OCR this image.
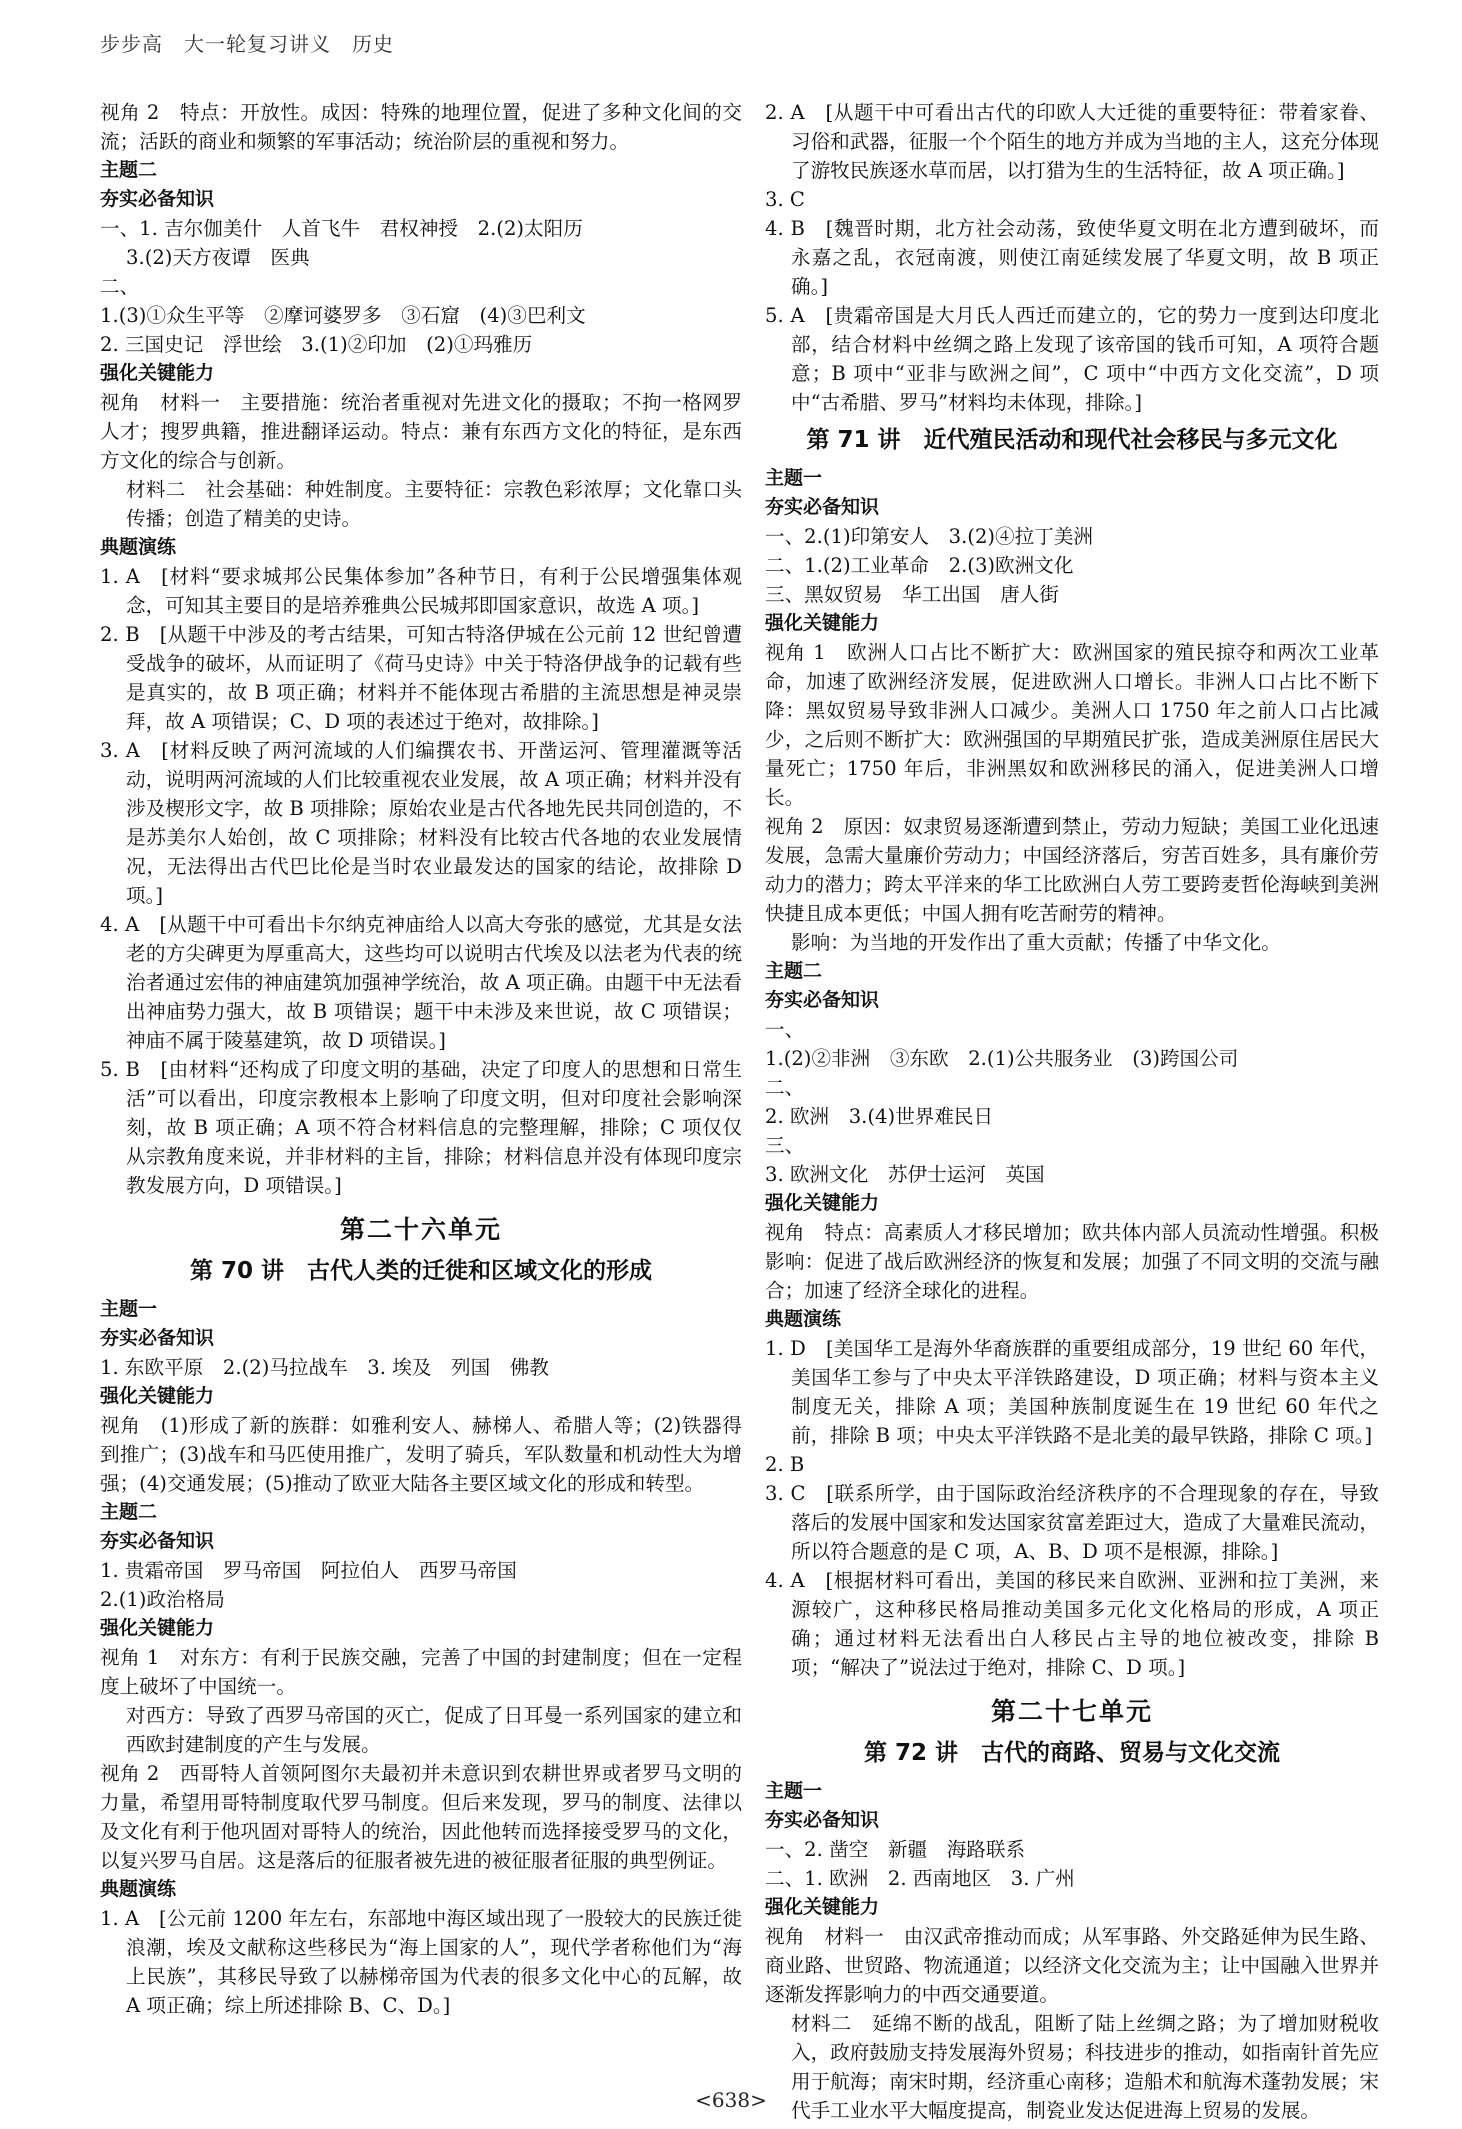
步步高　大一轮复习讲义　历史
视角 2　特点：开放性。成因：特殊的地理位置，促进了多种文化间的交流；活跃的商业和频繁的军事活动；统治阶层的重视和努力。
主题二
夯实必备知识
一、1. 吉尔伽美什　人首飞牛　君权神授　2.(2)太阳历
3.(2)天方夜谭　医典
二、
1.(3)①众生平等　②摩诃婆罗多　③石窟　(4)③巴利文
2. 三国史记　浮世绘　3.(1)②印加　(2)①玛雅历
强化关键能力
视角　材料一　主要措施：统治者重视对先进文化的摄取；不拘一格网罗人才；搜罗典籍，推进翻译运动。特点：兼有东西方文化的特征，是东西方文化的综合与创新。
材料二　社会基础：种姓制度。主要特征：宗教色彩浓厚；文化靠口头传播；创造了精美的史诗。
典题演练
1. A　[材料“要求城邦公民集体参加”各种节日，有利于公民增强集体观念，可知其主要目的是培养雅典公民城邦即国家意识，故选 A 项。]
2. B　[从题干中涉及的考古结果，可知古特洛伊城在公元前 12 世纪曾遭受战争的破坏，从而证明了《荷马史诗》中关于特洛伊战争的记载有些是真实的，故 B 项正确；材料并不能体现古希腊的主流思想是神灵崇拜，故 A 项错误；C、D 项的表述过于绝对，故排除。]
3. A　[材料反映了两河流域的人们编撰农书、开凿运河、管理灌溉等活动，说明两河流域的人们比较重视农业发展，故 A 项正确；材料并没有涉及楔形文字，故 B 项排除；原始农业是古代各地先民共同创造的，不是苏美尔人始创，故 C 项排除；材料没有比较古代各地的农业发展情况，无法得出古代巴比伦是当时农业最发达的国家的结论，故排除 D 项。]
4. A　[从题干中可看出卡尔纳克神庙给人以高大夸张的感觉，尤其是女法老的方尖碑更为厚重高大，这些均可以说明古代埃及以法老为代表的统治者通过宏伟的神庙建筑加强神学统治，故 A 项正确。由题干中无法看出神庙势力强大，故 B 项错误；题干中未涉及来世说，故 C 项错误；神庙不属于陵墓建筑，故 D 项错误。]
5. B　[由材料“还构成了印度文明的基础，决定了印度人的思想和日常生活”可以看出，印度宗教根本上影响了印度文明，但对印度社会影响深刻，故 B 项正确；A 项不符合材料信息的完整理解，排除；C 项仅仅从宗教角度来说，并非材料的主旨，排除；材料信息并没有体现印度宗教发展方向，D 项错误。]
第二十六单元
第 70 讲　古代人类的迁徙和区域文化的形成
主题一
夯实必备知识
1. 东欧平原　2.(2)马拉战车　3. 埃及　列国　佛教
强化关键能力
视角　(1)形成了新的族群：如雅利安人、赫梯人、希腊人等；(2)铁器得到推广；(3)战车和马匹使用推广，发明了骑兵，军队数量和机动性大为增强；(4)交通发展；(5)推动了欧亚大陆各主要区域文化的形成和转型。
主题二
夯实必备知识
1. 贵霜帝国　罗马帝国　阿拉伯人　西罗马帝国
2.(1)政治格局
强化关键能力
视角 1　对东方：有利于民族交融，完善了中国的封建制度；但在一定程度上破坏了中国统一。
对西方：导致了西罗马帝国的灭亡，促成了日耳曼一系列国家的建立和西欧封建制度的产生与发展。
视角 2　西哥特人首领阿图尔夫最初并未意识到农耕世界或者罗马文明的力量，希望用哥特制度取代罗马制度。但后来发现，罗马的制度、法律以及文化有利于他巩固对哥特人的统治，因此他转而选择接受罗马的文化，以复兴罗马自居。这是落后的征服者被先进的被征服者征服的典型例证。
典题演练
1. A　[公元前 1200 年左右，东部地中海区域出现了一股较大的民族迁徙浪潮，埃及文献称这些移民为“海上国家的人”，现代学者称他们为“海上民族”，其移民导致了以赫梯帝国为代表的很多文化中心的瓦解，故 A 项正确；综上所述排除 B、C、D。]
2. A　[从题干中可看出古代的印欧人大迁徙的重要特征：带着家眷、习俗和武器，征服一个个陌生的地方并成为当地的主人，这充分体现了游牧民族逐水草而居，以打猎为生的生活特征，故 A 项正确。]
3. C
4. B　[魏晋时期，北方社会动荡，致使华夏文明在北方遭到破坏，而永嘉之乱，衣冠南渡，则使江南延续发展了华夏文明，故 B 项正确。]
5. A　[贵霜帝国是大月氏人西迁而建立的，它的势力一度到达印度北部，结合材料中丝绸之路上发现了该帝国的钱币可知，A 项符合题意；B 项中“亚非与欧洲之间”，C 项中“中西方文化交流”，D 项中“古希腊、罗马”材料均未体现，排除。]
第 71 讲　近代殖民活动和现代社会移民与多元文化
主题一
夯实必备知识
一、2.(1)印第安人　3.(2)④拉丁美洲
二、1.(2)工业革命　2.(3)欧洲文化
三、黑奴贸易　华工出国　唐人街
强化关键能力
视角 1　欧洲人口占比不断扩大：欧洲国家的殖民掠夺和两次工业革命，加速了欧洲经济发展，促进欧洲人口增长。非洲人口占比不断下降：黑奴贸易导致非洲人口减少。美洲人口 1750 年之前人口占比减少，之后则不断扩大：欧洲强国的早期殖民扩张，造成美洲原住居民大量死亡；1750 年后，非洲黑奴和欧洲移民的涌入，促进美洲人口增长。
视角 2　原因：奴隶贸易逐渐遭到禁止，劳动力短缺；美国工业化迅速发展，急需大量廉价劳动力；中国经济落后，穷苦百姓多，具有廉价劳动力的潜力；跨太平洋来的华工比欧洲白人劳工要跨麦哲伦海峡到美洲快捷且成本更低；中国人拥有吃苦耐劳的精神。
影响：为当地的开发作出了重大贡献；传播了中华文化。
主题二
夯实必备知识
一、
1.(2)②非洲　③东欧　2.(1)公共服务业　(3)跨国公司
二、
2. 欧洲　3.(4)世界难民日
三、
3. 欧洲文化　苏伊士运河　英国
强化关键能力
视角　特点：高素质人才移民增加；欧共体内部人员流动性增强。积极影响：促进了战后欧洲经济的恢复和发展；加强了不同文明的交流与融合；加速了经济全球化的进程。
典题演练
1. D　[美国华工是海外华裔族群的重要组成部分，19 世纪 60 年代，美国华工参与了中央太平洋铁路建设，D 项正确；材料与资本主义制度无关，排除 A 项；美国种族制度诞生在 19 世纪 60 年代之前，排除 B 项；中央太平洋铁路不是北美的最早铁路，排除 C 项。]
2. B
3. C　[联系所学，由于国际政治经济秩序的不合理现象的存在，导致落后的发展中国家和发达国家贫富差距过大，造成了大量难民流动，所以符合题意的是 C 项，A、B、D 项不是根源，排除。]
4. A　[根据材料可看出，美国的移民来自欧洲、亚洲和拉丁美洲，来源较广，这种移民格局推动美国多元化文化格局的形成，A 项正确；通过材料无法看出白人移民占主导的地位被改变，排除 B 项；“解决了”说法过于绝对，排除 C、D 项。]
第二十七单元
第 72 讲　古代的商路、贸易与文化交流
主题一
夯实必备知识
一、2. 凿空　新疆　海路联系
二、1. 欧洲　2. 西南地区　3. 广州
强化关键能力
视角　材料一　由汉武帝推动而成；从军事路、外交路延伸为民生路、商业路、世贸路、物流通道；以经济文化交流为主；让中国融入世界并逐渐发挥影响力的中西交通要道。
材料二　延绵不断的战乱，阻断了陆上丝绸之路；为了增加财税收入，政府鼓励支持发展海外贸易；科技进步的推动，如指南针首先应用于航海；南宋时期，经济重心南移；造船术和航海术蓬勃发展；宋代手工业水平大幅度提高，制瓷业发达促进海上贸易的发展。
<638>
